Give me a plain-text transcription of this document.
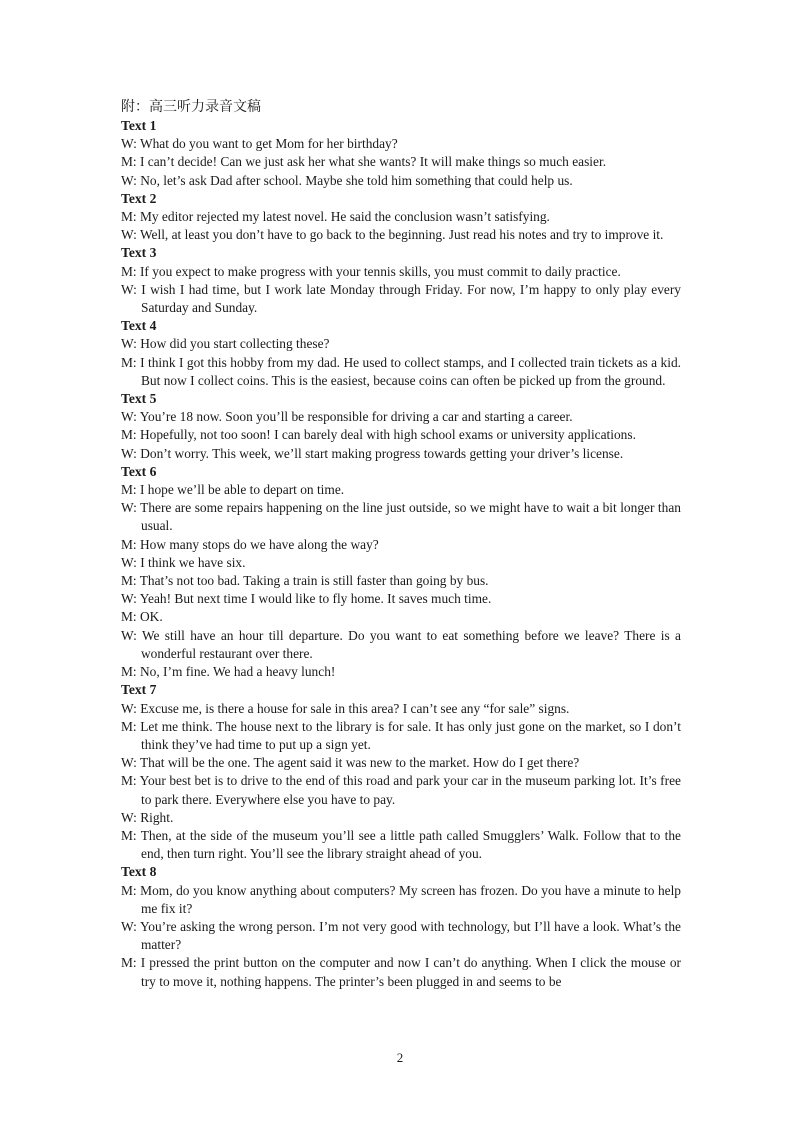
附：高三听力录音文稿
Text 1
W: What do you want to get Mom for her birthday?
M: I can’t decide! Can we just ask her what she wants? It will make things so much easier.
W: No, let’s ask Dad after school. Maybe she told him something that could help us.
Text 2
M: My editor rejected my latest novel. He said the conclusion wasn’t satisfying.
W: Well, at least you don’t have to go back to the beginning. Just read his notes and try to improve it.
Text 3
M: If you expect to make progress with your tennis skills, you must commit to daily practice.
W: I wish I had time, but I work late Monday through Friday. For now, I’m happy to only play every Saturday and Sunday.
Text 4
W: How did you start collecting these?
M: I think I got this hobby from my dad. He used to collect stamps, and I collected train tickets as a kid. But now I collect coins. This is the easiest, because coins can often be picked up from the ground.
Text 5
W: You’re 18 now. Soon you’ll be responsible for driving a car and starting a career.
M: Hopefully, not too soon! I can barely deal with high school exams or university applications.
W: Don’t worry. This week, we’ll start making progress towards getting your driver’s license.
Text 6
M: I hope we’ll be able to depart on time.
W: There are some repairs happening on the line just outside, so we might have to wait a bit longer than usual.
M: How many stops do we have along the way?
W: I think we have six.
M: That’s not too bad. Taking a train is still faster than going by bus.
W: Yeah! But next time I would like to fly home. It saves much time.
M: OK.
W: We still have an hour till departure. Do you want to eat something before we leave? There is a wonderful restaurant over there.
M: No, I’m fine. We had a heavy lunch!
Text 7
W: Excuse me, is there a house for sale in this area? I can’t see any “for sale” signs.
M: Let me think. The house next to the library is for sale. It has only just gone on the market, so I don’t think they’ve had time to put up a sign yet.
W: That will be the one. The agent said it was new to the market. How do I get there?
M: Your best bet is to drive to the end of this road and park your car in the museum parking lot. It’s free to park there. Everywhere else you have to pay.
W: Right.
M: Then, at the side of the museum you’ll see a little path called Smugglers’ Walk. Follow that to the end, then turn right. You’ll see the library straight ahead of you.
Text 8
M: Mom, do you know anything about computers? My screen has frozen. Do you have a minute to help me fix it?
W: You’re asking the wrong person. I’m not very good with technology, but I’ll have a look. What’s the matter?
M: I pressed the print button on the computer and now I can’t do anything. When I click the mouse or try to move it, nothing happens. The printer’s been plugged in and seems to be
2
